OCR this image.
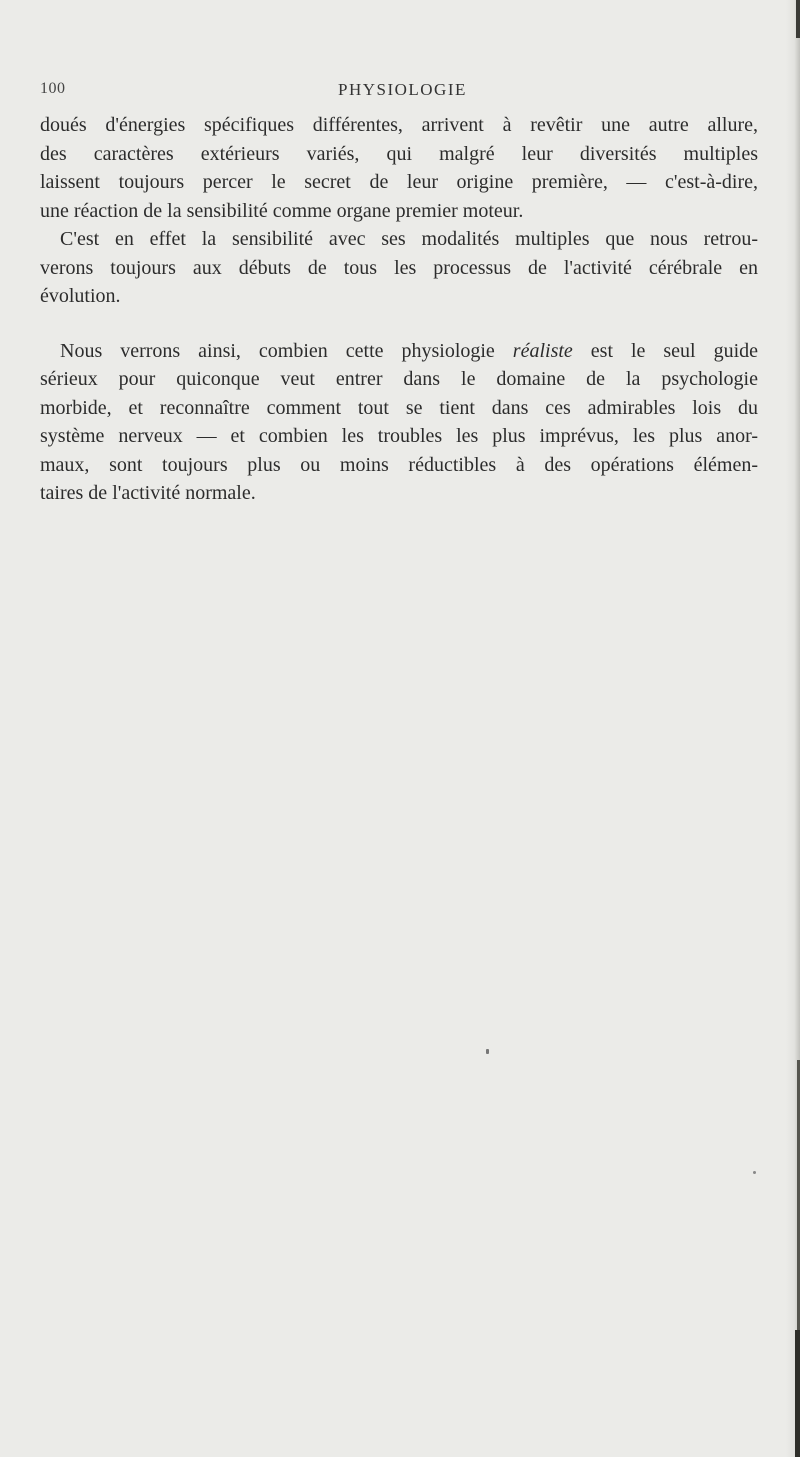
100	PHYSIOLOGIE

doués d'énergies spécifiques différentes, arrivent à revêtir une autre allure,
des caractères extérieurs variés, qui malgré leur diversités multiples
laissent toujours percer le secret de leur origine première, — c'est-à-dire,
une réaction de la sensibilité comme organe premier moteur.

C'est en effet la sensibilité avec ses modalités multiples que nous retrou-
verons toujours aux débuts de tous les processus de l'activité cérébrale en
évolution.

Nous verrons ainsi, combien cette physiologie réaliste est le seul guide
sérieux pour quiconque veut entrer dans le domaine de la psychologie
morbide, et reconnaître comment tout se tient dans ces admirables lois du
système nerveux — et combien les troubles les plus imprévus, les plus anor-
maux, sont toujours plus ou moins réductibles à des opérations élémen-
taires de l'activité normale.
